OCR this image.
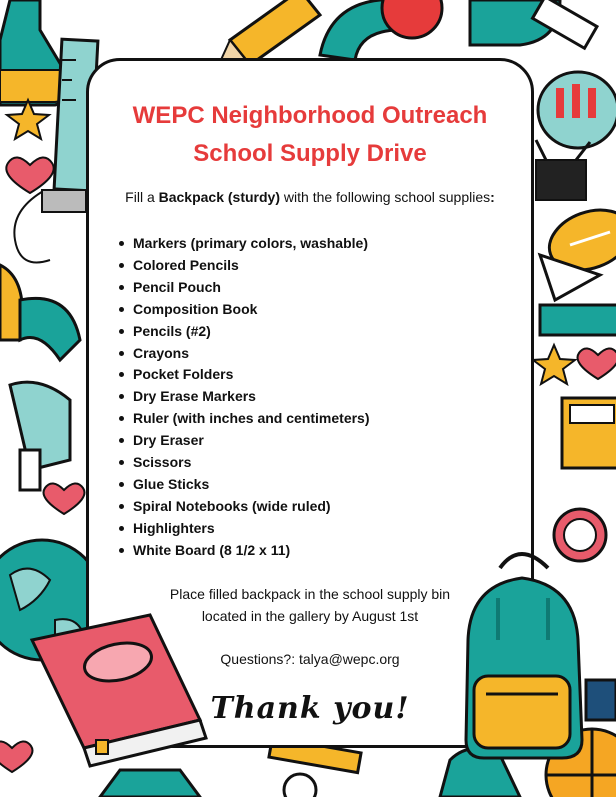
WEPC Neighborhood Outreach
School Supply Drive
Fill a Backpack (sturdy) with the following school supplies:
Markers (primary colors, washable)
Colored Pencils
Pencil Pouch
Composition Book
Pencils (#2)
Crayons
Pocket Folders
Dry Erase Markers
Ruler (with inches and centimeters)
Dry Eraser
Scissors
Glue Sticks
Spiral Notebooks (wide ruled)
Highlighters
White Board (8 1/2 x 11)
Place filled backpack in the school supply bin
located in the gallery by August 1st
Questions?: talya@wepc.org
Thank you!
